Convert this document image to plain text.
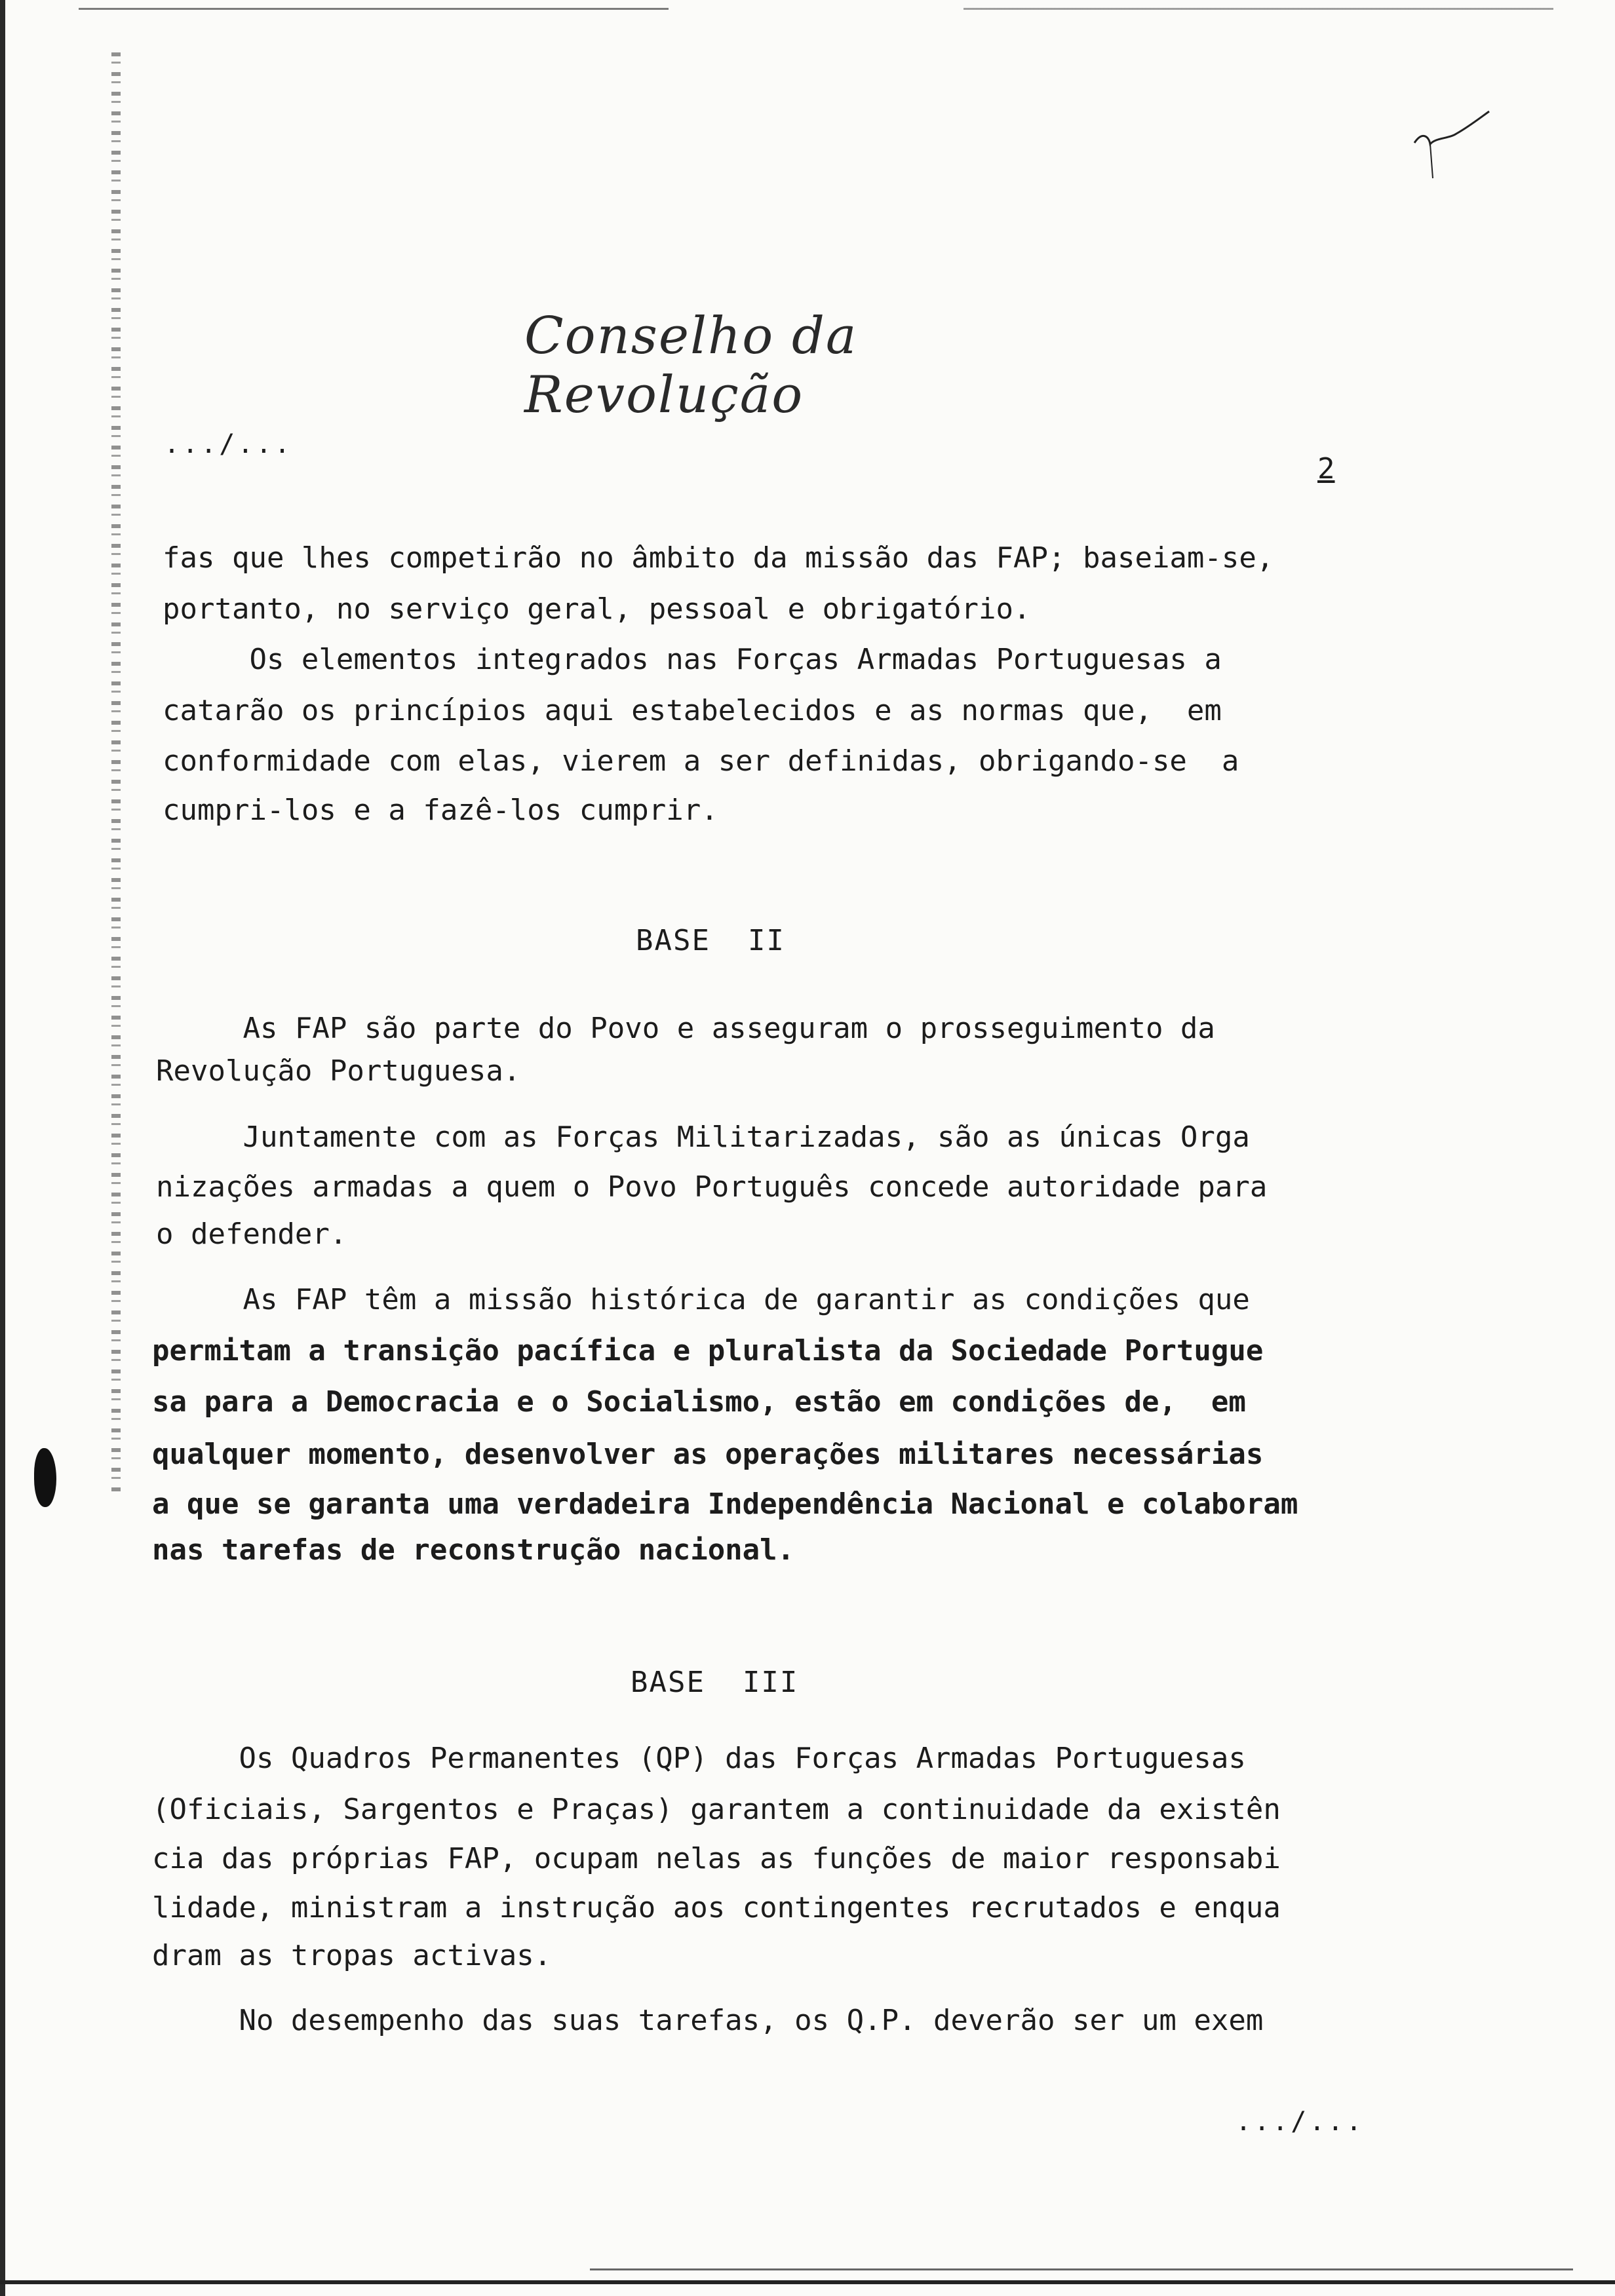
Conselho da Revolução
.../...
2
fas que lhes competirão no âmbito da missão das FAP; baseiam-se,
portanto, no serviço geral, pessoal e obrigatório.
Os elementos integrados nas Forças Armadas Portuguesas a
catarão os princípios aqui estabelecidos e as normas que,  em
conformidade com elas, vierem a ser definidas, obrigando-se  a
cumpri-los e a fazê-los cumprir.
BASE  II
As FAP são parte do Povo e asseguram o prosseguimento da
Revolução Portuguesa.
Juntamente com as Forças Militarizadas, são as únicas Orga
nizações armadas a quem o Povo Português concede autoridade para
o defender.
As FAP têm a missão histórica de garantir as condições que
permitam a transição pacífica e pluralista da Sociedade Portugue
sa para a Democracia e o Socialismo, estão em condições de,  em
qualquer momento, desenvolver as operações militares necessárias
a que se garanta uma verdadeira Independência Nacional e colaboram
nas tarefas de reconstrução nacional.
BASE  III
Os Quadros Permanentes (QP) das Forças Armadas Portuguesas
(Oficiais, Sargentos e Praças) garantem a continuidade da existên
cia das próprias FAP, ocupam nelas as funções de maior responsabi
lidade, ministram a instrução aos contingentes recrutados e enqua
dram as tropas activas.
No desempenho das suas tarefas, os Q.P. deverão ser um exem
.../...
